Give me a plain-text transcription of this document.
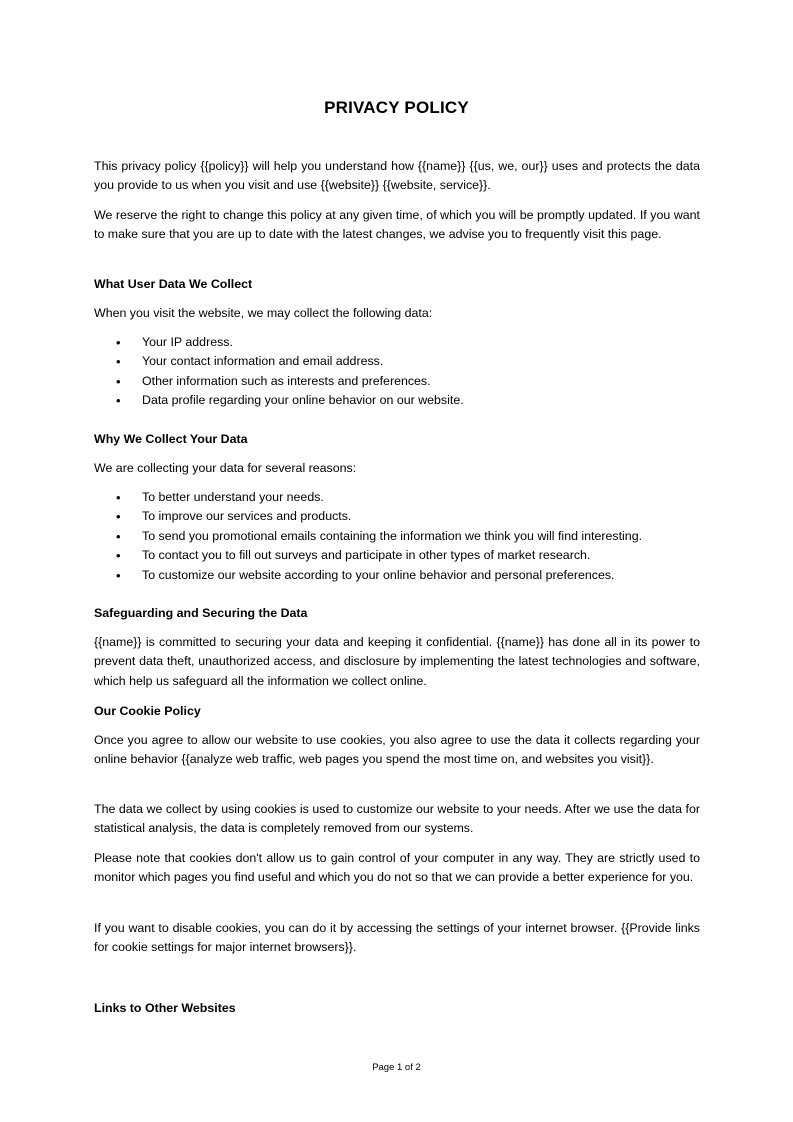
PRIVACY POLICY
This privacy policy {{policy}} will help you understand how {{name}} {{us, we, our}} uses and protects the data you provide to us when you visit and use {{website}} {{website, service}}.
We reserve the right to change this policy at any given time, of which you will be promptly updated. If you want to make sure that you are up to date with the latest changes, we advise you to frequently visit this page.
What User Data We Collect
When you visit the website, we may collect the following data:
• Your IP address.
• Your contact information and email address.
• Other information such as interests and preferences.
• Data profile regarding your online behavior on our website.
Why We Collect Your Data
We are collecting your data for several reasons:
• To better understand your needs.
• To improve our services and products.
• To send you promotional emails containing the information we think you will find interesting.
• To contact you to fill out surveys and participate in other types of market research.
• To customize our website according to your online behavior and personal preferences.
Safeguarding and Securing the Data
{{name}} is committed to securing your data and keeping it confidential. {{name}} has done all in its power to prevent data theft, unauthorized access, and disclosure by implementing the latest technologies and software, which help us safeguard all the information we collect online.
Our Cookie Policy
Once you agree to allow our website to use cookies, you also agree to use the data it collects regarding your online behavior {{analyze web traffic, web pages you spend the most time on, and websites you visit}}.
The data we collect by using cookies is used to customize our website to your needs. After we use the data for statistical analysis, the data is completely removed from our systems.
Please note that cookies don't allow us to gain control of your computer in any way. They are strictly used to monitor which pages you find useful and which you do not so that we can provide a better experience for you.
If you want to disable cookies, you can do it by accessing the settings of your internet browser. {{Provide links for cookie settings for major internet browsers}}.
Links to Other Websites
Page 1 of 2
